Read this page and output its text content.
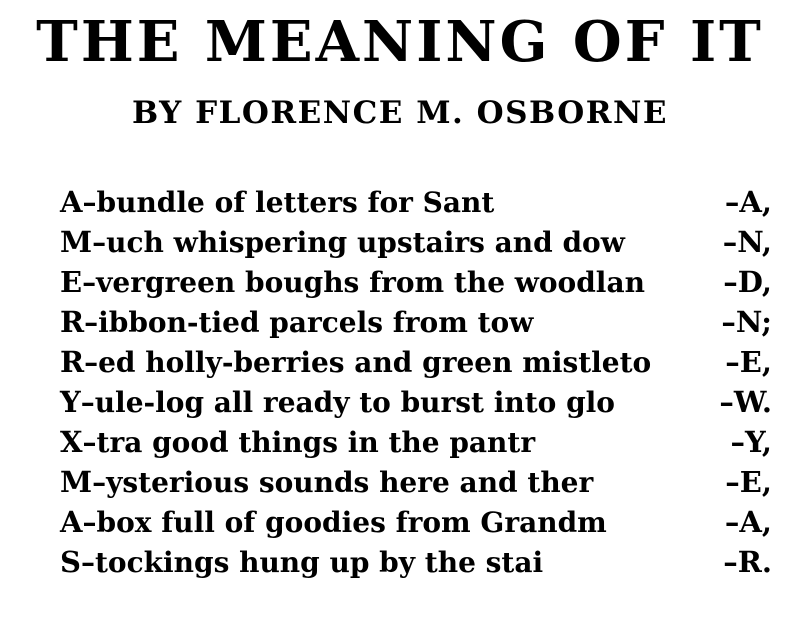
THE MEANING OF IT
BY FLORENCE M. OSBORNE
A –bundle of letters for Sant	–A,
M –uch whispering upstairs and dow	–N,
E –vergreen boughs from the woodlan	–D,
R –ibbon-tied parcels from tow	–N;
R –ed holly-berries and green mistleto	–E,
Y –ule-log all ready to burst into glo	–W.
X –tra good things in the pantr	–Y,
M –ysterious sounds here and ther	–E,
A –box full of goodies from Grandm	–A,
S –tockings hung up by the stai	–R.
